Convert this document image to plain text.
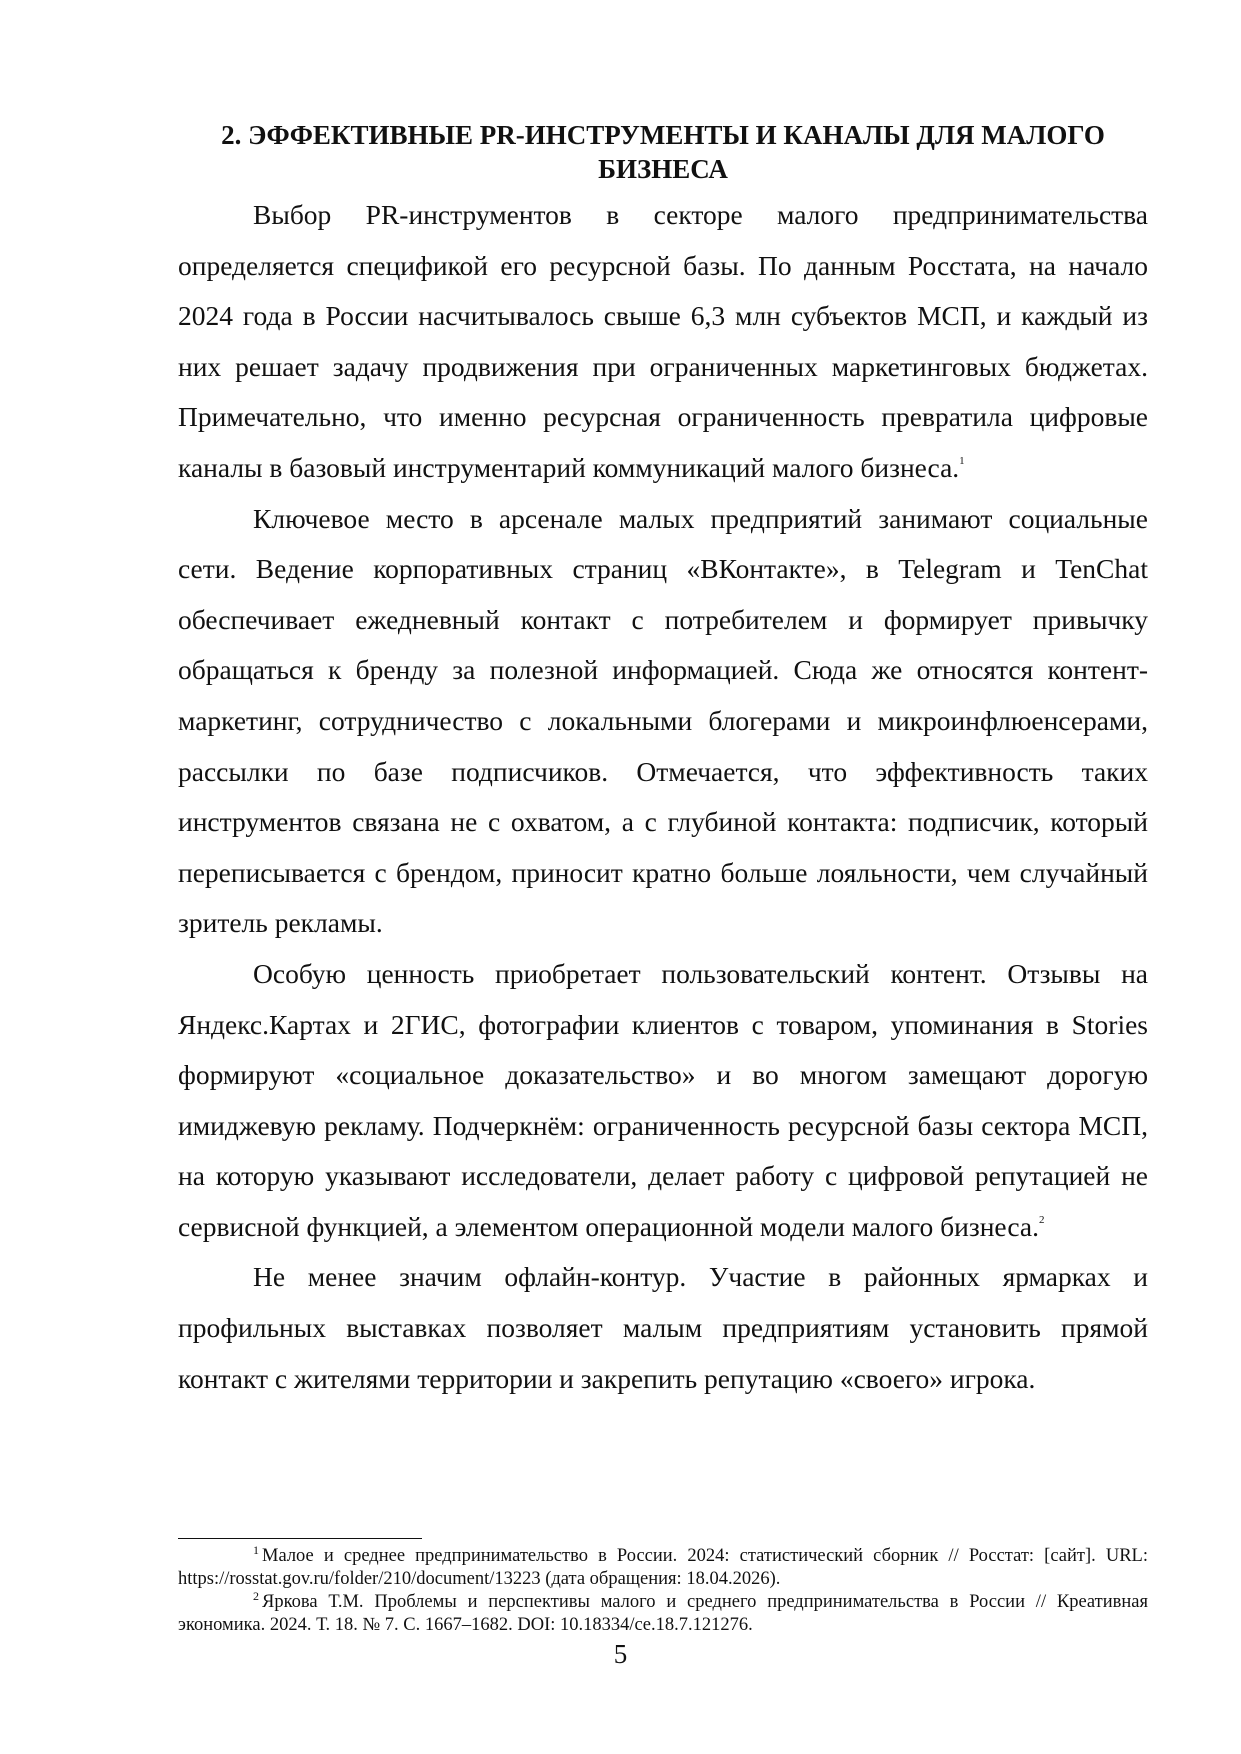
2. ЭФФЕКТИВНЫЕ PR-ИНСТРУМЕНТЫ И КАНАЛЫ ДЛЯ МАЛОГО
БИЗНЕСА

Выбор PR-инструментов в секторе малого предпринимательства определяется спецификой его ресурсной базы. По данным Росстата, на начало 2024 года в России насчитывалось свыше 6,3 млн субъектов МСП, и каждый из них решает задачу продвижения при ограниченных маркетинговых бюджетах. Примечательно, что именно ресурсная ограниченность превратила цифровые каналы в базовый инструментарий коммуникаций малого бизнеса.$^1$

Ключевое место в арсенале малых предприятий занимают социальные сети. Ведение корпоративных страниц «ВКонтакте», в Telegram и TenChat обеспечивает ежедневный контакт с потребителем и формирует привычку обращаться к бренду за полезной информацией. Сюда же относятся контент-маркетинг, сотрудничество с локальными блогерами и микроинфлюенсерами, рассылки по базе подписчиков. Отмечается, что эффективность таких инструментов связана не с охватом, а с глубиной контакта: подписчик, который переписывается с брендом, приносит кратно больше лояльности, чем случайный зритель рекламы.

Особую ценность приобретает пользовательский контент. Отзывы на Яндекс.Картах и 2ГИС, фотографии клиентов с товаром, упоминания в Stories формируют «социальное доказательство» и во многом замещают дорогую имиджевую рекламу. Подчеркнём: ограниченность ресурсной базы сектора МСП, на которую указывают исследователи, делает работу с цифровой репутацией не сервисной функцией, а элементом операционной модели малого бизнеса.$^2$

Не менее значим офлайн-контур. Участие в районных ярмарках и профильных выставках позволяет малым предприятиям установить прямой контакт с жителями территории и закрепить репутацию «своего» игрока.

$^1$ Малое и среднее предпринимательство в России. 2024: статистический сборник // Росстат: [сайт]. URL: https://rosstat.gov.ru/folder/210/document/13223 (дата обращения: 18.04.2026).

$^2$ Яркова Т.М. Проблемы и перспективы малого и среднего предпринимательства в России // Креативная экономика. 2024. Т. 18. № 7. С. 1667–1682. DOI: 10.18334/ce.18.7.121276.

5
